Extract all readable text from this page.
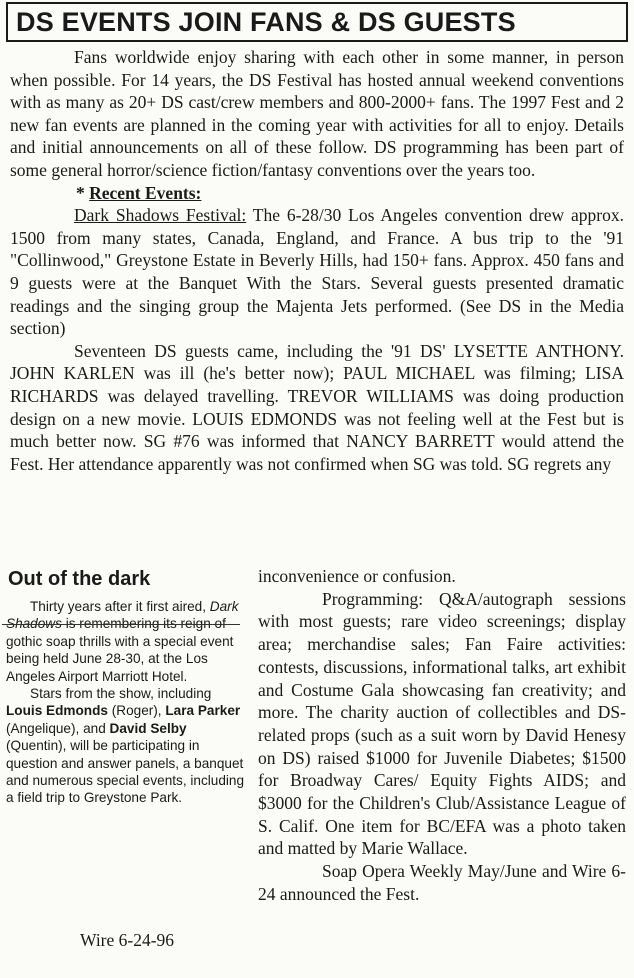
DS EVENTS JOIN FANS & DS GUESTS

Fans worldwide enjoy sharing with each other in some manner, in person when possible. For 14 years, the DS Festival has hosted annual weekend conventions with as many as 20+ DS cast/crew members and 800-2000+ fans. The 1997 Fest and 2 new fan events are planned in the coming year with activities for all to enjoy. Details and initial announcements on all of these follow. DS programming has been part of some general horror/science fiction/fantasy conventions over the years too.

* Recent Events:

Dark Shadows Festival: The 6-28/30 Los Angeles convention drew approx. 1500 from many states, Canada, England, and France. A bus trip to the '91 "Collinwood," Greystone Estate in Beverly Hills, had 150+ fans. Approx. 450 fans and 9 guests were at the Banquet With the Stars. Several guests presented dramatic readings and the singing group the Majenta Jets performed. (See DS in the Media section)

Seventeen DS guests came, including the '91 DS' LYSETTE ANTHONY. JOHN KARLEN was ill (he's better now); PAUL MICHAEL was filming; LISA RICHARDS was delayed travelling. TREVOR WILLIAMS was doing production design on a new movie. LOUIS EDMONDS was not feeling well at the Fest but is much better now. SG #76 was informed that NANCY BARRETT would attend the Fest. Her attendance apparently was not confirmed when SG was told. SG regrets any

Out of the dark

Thirty years after it first aired, Dark Shadows is remembering its reign of gothic soap thrills with a special event being held June 28-30, at the Los Angeles Airport Marriott Hotel.

Stars from the show, including Louis Edmonds (Roger), Lara Parker (Angelique), and David Selby (Quentin), will be participating in question and answer panels, a banquet and numerous special events, including a field trip to Greystone Park.

Wire 6-24-96

inconvenience or confusion.

Programming: Q&A/autograph sessions with most guests; rare video screenings; display area; merchandise sales; Fan Faire activities: contests, discussions, informational talks, art exhibit and Costume Gala showcasing fan creativity; and more. The charity auction of collectibles and DS-related props (such as a suit worn by David Henesy on DS) raised $1000 for Juvenile Diabetes; $1500 for Broadway Cares/ Equity Fights AIDS; and $3000 for the Children's Club/Assistance League of S. Calif. One item for BC/EFA was a photo taken and matted by Marie Wallace.

Soap Opera Weekly May/June and Wire 6-24 announced the Fest.
